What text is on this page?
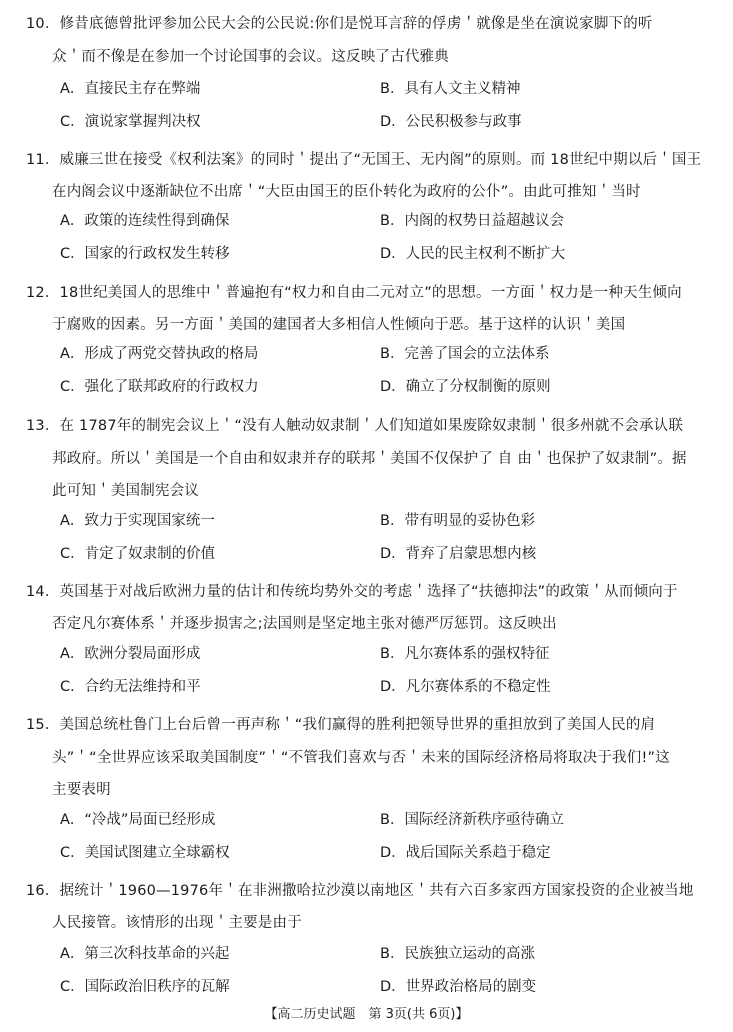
10．修昔底德曾批评参加公民大会的公民说:你们是悦耳言辞的俘虏＇就像是坐在演说家脚下的听
众＇而不像是在参加一个讨论国事的会议。这反映了古代雅典
A．直接民主存在弊端	B．具有人文主义精神
C．演说家掌握判决权	D．公民积极参与政事
11．威廉三世在接受《权利法案》的同时＇提出了“无国王、无内阁”的原则。而 18世纪中期以后＇国王
在内阁会议中逐渐缺位不出席＇“大臣由国王的臣仆转化为政府的公仆”。由此可推知＇当时
A．政策的连续性得到确保	B．内阁的权势日益超越议会
C．国家的行政权发生转移	D．人民的民主权利不断扩大
12．18世纪美国人的思维中＇普遍抱有“权力和自由二元对立”的思想。一方面＇权力是一种天生倾向
于腐败的因素。另一方面＇美国的建国者大多相信人性倾向于恶。基于这样的认识＇美国
A．形成了两党交替执政的格局	B．完善了国会的立法体系
C．强化了联邦政府的行政权力	D．确立了分权制衡的原则
13．在 1787年的制宪会议上＇“没有人触动奴隶制＇人们知道如果废除奴隶制＇很多州就不会承认联
邦政府。所以＇美国是一个自由和奴隶并存的联邦＇美国不仅保护了 自 由＇也保护了奴隶制”。据
此可知＇美国制宪会议
A．致力于实现国家统一	B．带有明显的妥协色彩
C．肯定了奴隶制的价值	D．背弃了启蒙思想内核
14．英国基于对战后欧洲力量的估计和传统均势外交的考虑＇选择了“扶德抑法”的政策＇从而倾向于
否定凡尔赛体系＇并逐步损害之;法国则是坚定地主张对德严厉惩罚。这反映出
A．欧洲分裂局面形成	B．凡尔赛体系的强权特征
C．合约无法维持和平	D．凡尔赛体系的不稳定性
15．美国总统杜鲁门上台后曾一再声称＇“我们赢得的胜利把领导世界的重担放到了美国人民的肩
头”＇“全世界应该采取美国制度”＇“不管我们喜欢与否＇未来的国际经济格局将取决于我们!”这
主要表明
A．“冷战”局面已经形成	B．国际经济新秩序亟待确立
C．美国试图建立全球霸权	D．战后国际关系趋于稳定
16．据统计＇1960—1976年＇在非洲撒哈拉沙漠以南地区＇共有六百多家西方国家投资的企业被当地
人民接管。该情形的出现＇主要是由于
A．第三次科技革命的兴起	B．民族独立运动的高涨
C．国际政治旧秩序的瓦解	D．世界政治格局的剧变
【高二历史试题　第 3页(共 6页)】
